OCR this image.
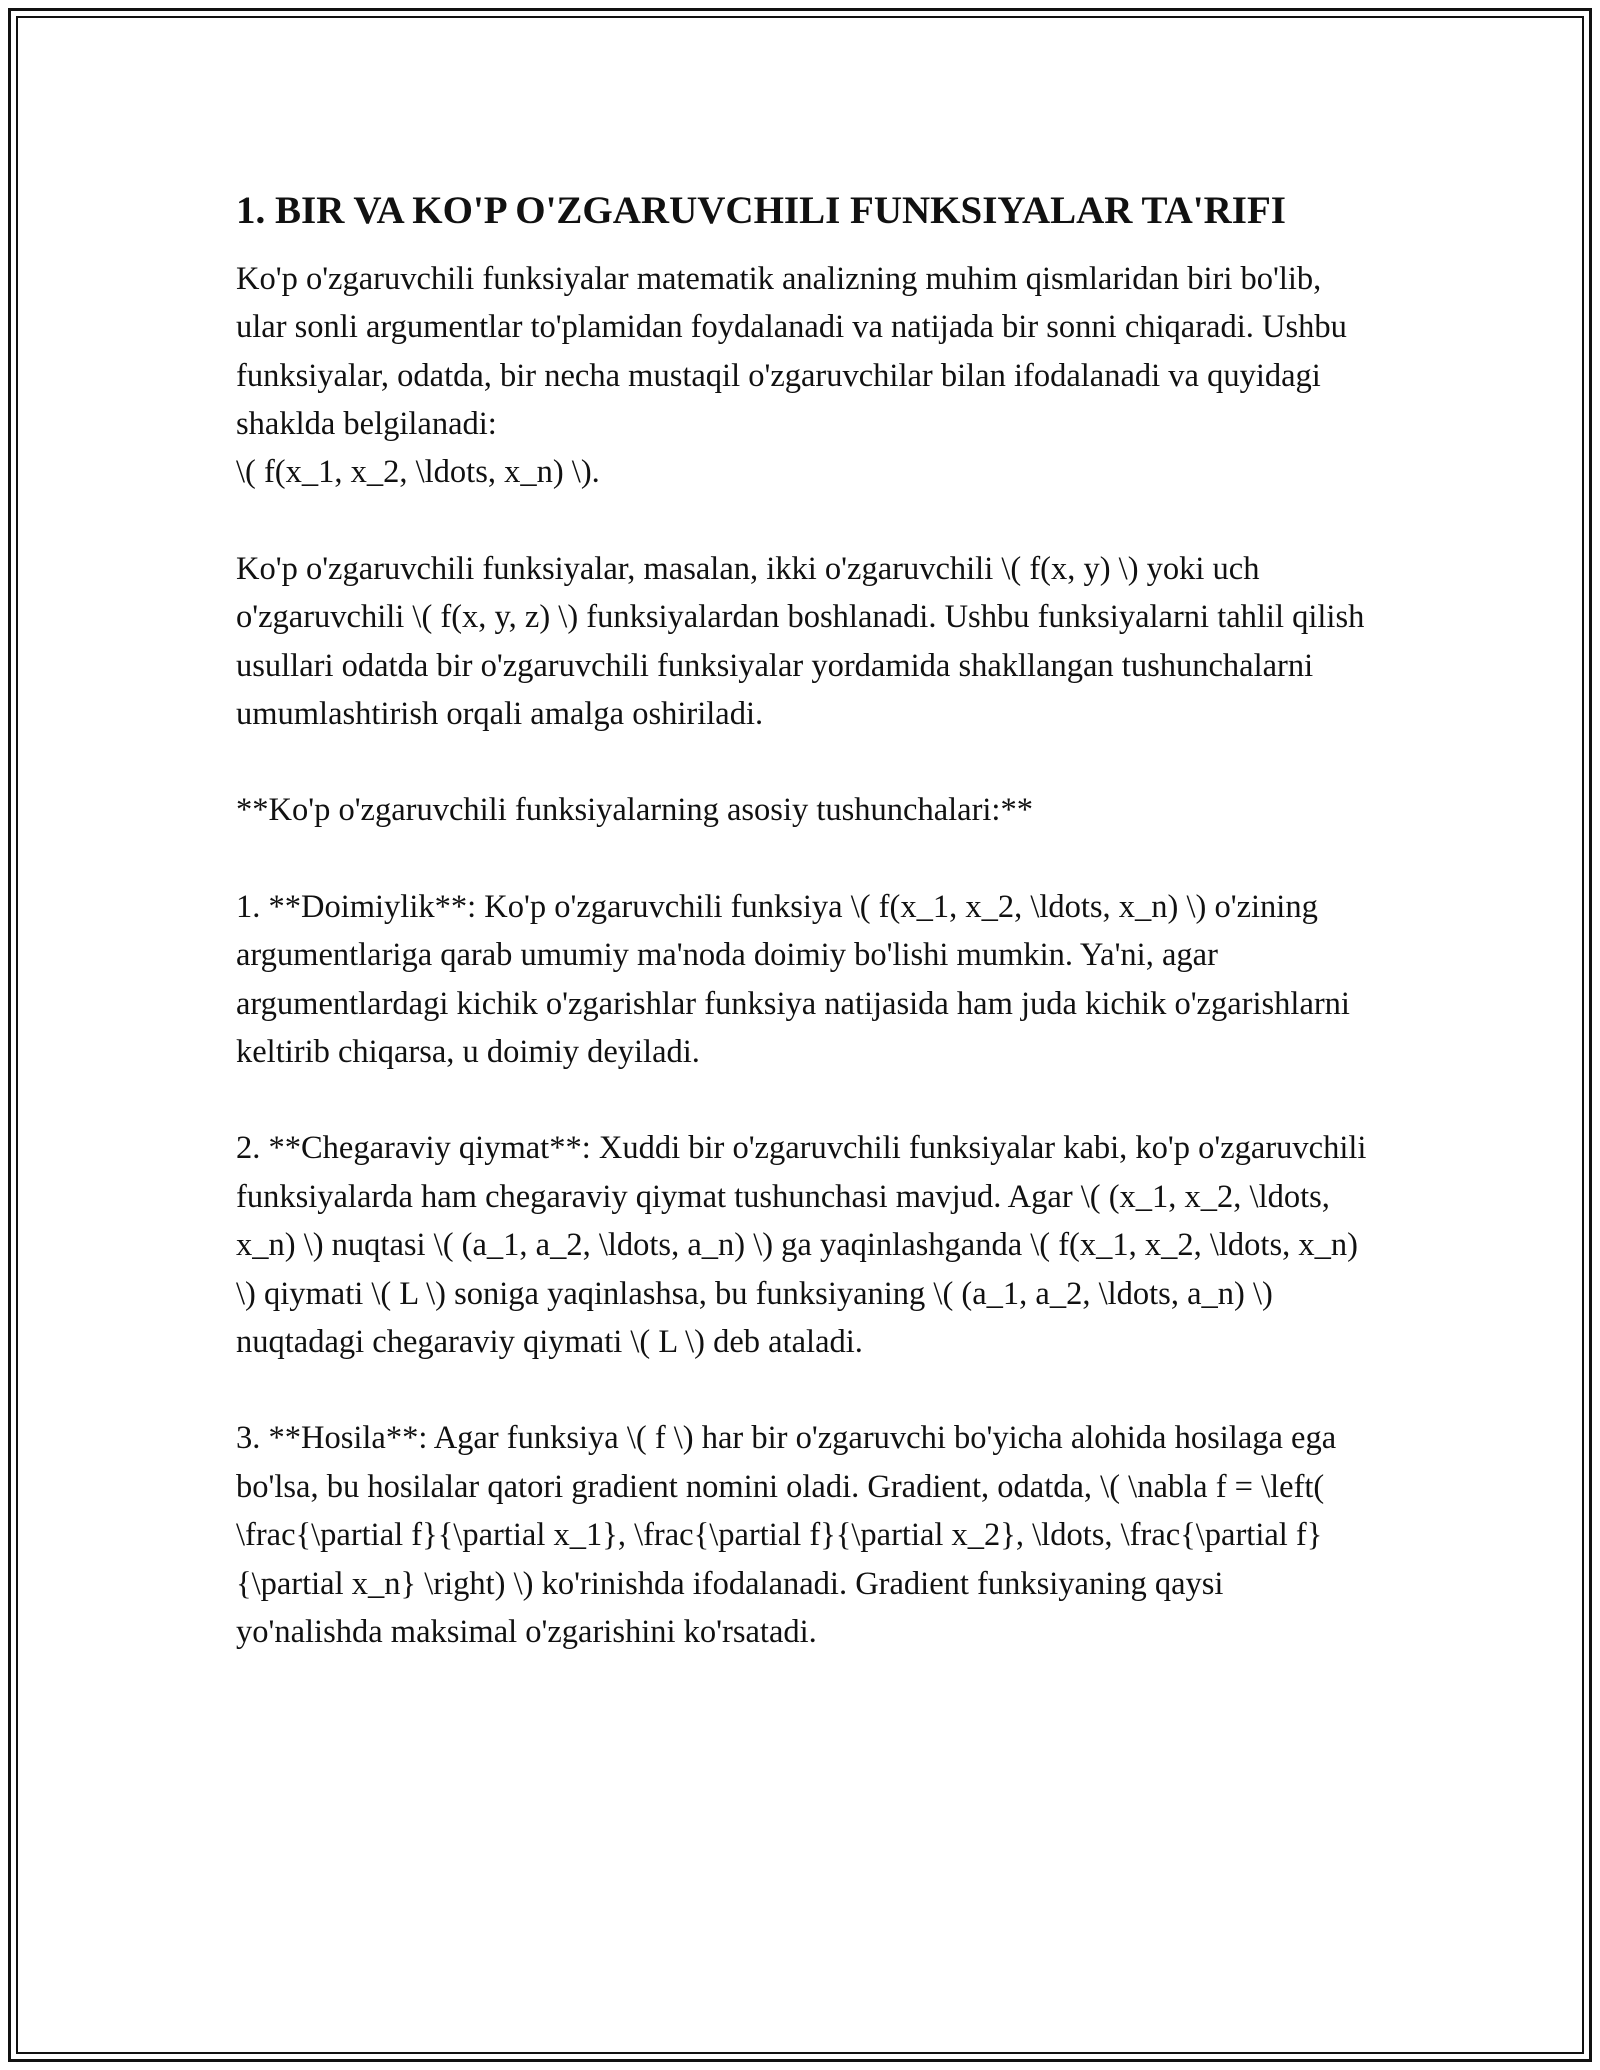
1. BIR VA KO'P O'ZGARUVCHILI FUNKSIYALAR TA'RIFI

Ko'p o'zgaruvchili funksiyalar matematik analizning muhim qismlaridan biri bo'lib, ular sonli argumentlar to'plamidan foydalanadi va natijada bir sonni chiqaradi. Ushbu funksiyalar, odatda, bir necha mustaqil o'zgaruvchilar bilan ifodalanadi va quyidagi shaklda belgilanadi:
\( f(x_1, x_2, \ldots, x_n) \).

Ko'p o'zgaruvchili funksiyalar, masalan, ikki o'zgaruvchili \( f(x, y) \) yoki uch o'zgaruvchili \( f(x, y, z) \) funksiyalardan boshlanadi. Ushbu funksiyalarni tahlil qilish usullari odatda bir o'zgaruvchili funksiyalar yordamida shakllangan tushunchalarni umumlashtirish orqali amalga oshiriladi.

**Ko'p o'zgaruvchili funksiyalarning asosiy tushunchalari:**

1. **Doimiylik**: Ko'p o'zgaruvchili funksiya \( f(x_1, x_2, \ldots, x_n) \) o'zining argumentlariga qarab umumiy ma'noda doimiy bo'lishi mumkin. Ya'ni, agar argumentlardagi kichik o'zgarishlar funksiya natijasida ham juda kichik o'zgarishlarni keltirib chiqarsa, u doimiy deyiladi.

2. **Chegaraviy qiymat**: Xuddi bir o'zgaruvchili funksiyalar kabi, ko'p o'zgaruvchili funksiyalarda ham chegaraviy qiymat tushunchasi mavjud. Agar \( (x_1, x_2, \ldots, x_n) \) nuqtasi \( (a_1, a_2, \ldots, a_n) \) ga yaqinlashganda \( f(x_1, x_2, \ldots, x_n) \) qiymati \( L \) soniga yaqinlashsa, bu funksiyaning \( (a_1, a_2, \ldots, a_n) \) nuqtadagi chegaraviy qiymati \( L \) deb ataladi.

3. **Hosila**: Agar funksiya \( f \) har bir o'zgaruvchi bo'yicha alohida hosilaga ega bo'lsa, bu hosilalar qatori gradient nomini oladi. Gradient, odatda, \( \nabla f = \left( \frac{\partial f}{\partial x_1}, \frac{\partial f}{\partial x_2}, \ldots, \frac{\partial f}{\partial x_n} \right) \) ko'rinishda ifodalanadi. Gradient funksiyaning qaysi yo'nalishda maksimal o'zgarishini ko'rsatadi.
